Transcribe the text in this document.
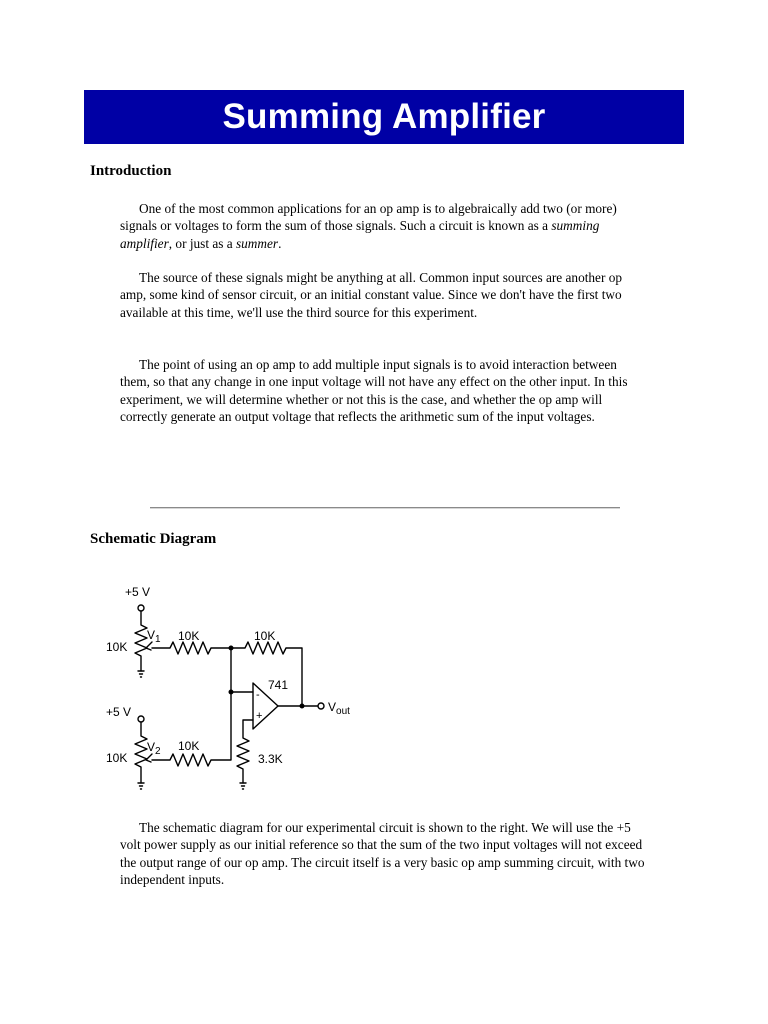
Summing Amplifier
Introduction

One of the most common applications for an op amp is to algebraically add two (or more) signals or voltages to form the sum of those signals. Such a circuit is known as a summing amplifier, or just as a summer.

The source of these signals might be anything at all. Common input sources are another op amp, some kind of sensor circuit, or an initial constant value. Since we don't have the first two available at this time, we'll use the third source for this experiment.

The point of using an op amp to add multiple input signals is to avoid interaction between them, so that any change in one input voltage will not have any effect on the other input. In this experiment, we will determine whether or not this is the case, and whether the op amp will correctly generate an output voltage that reflects the arithmetic sum of the input voltages.

Schematic Diagram
+5 V
10K
$V_1$ 10K	10K
741
-
+
$V_{out}$
3.3K
+5 V
10K
$V_2$ 10K

The schematic diagram for our experimental circuit is shown to the right. We will use the +5 volt power supply as our initial reference so that the sum of the two input voltages will not exceed the output range of our op amp. The circuit itself is a very basic op amp summing circuit, with two independent inputs.
